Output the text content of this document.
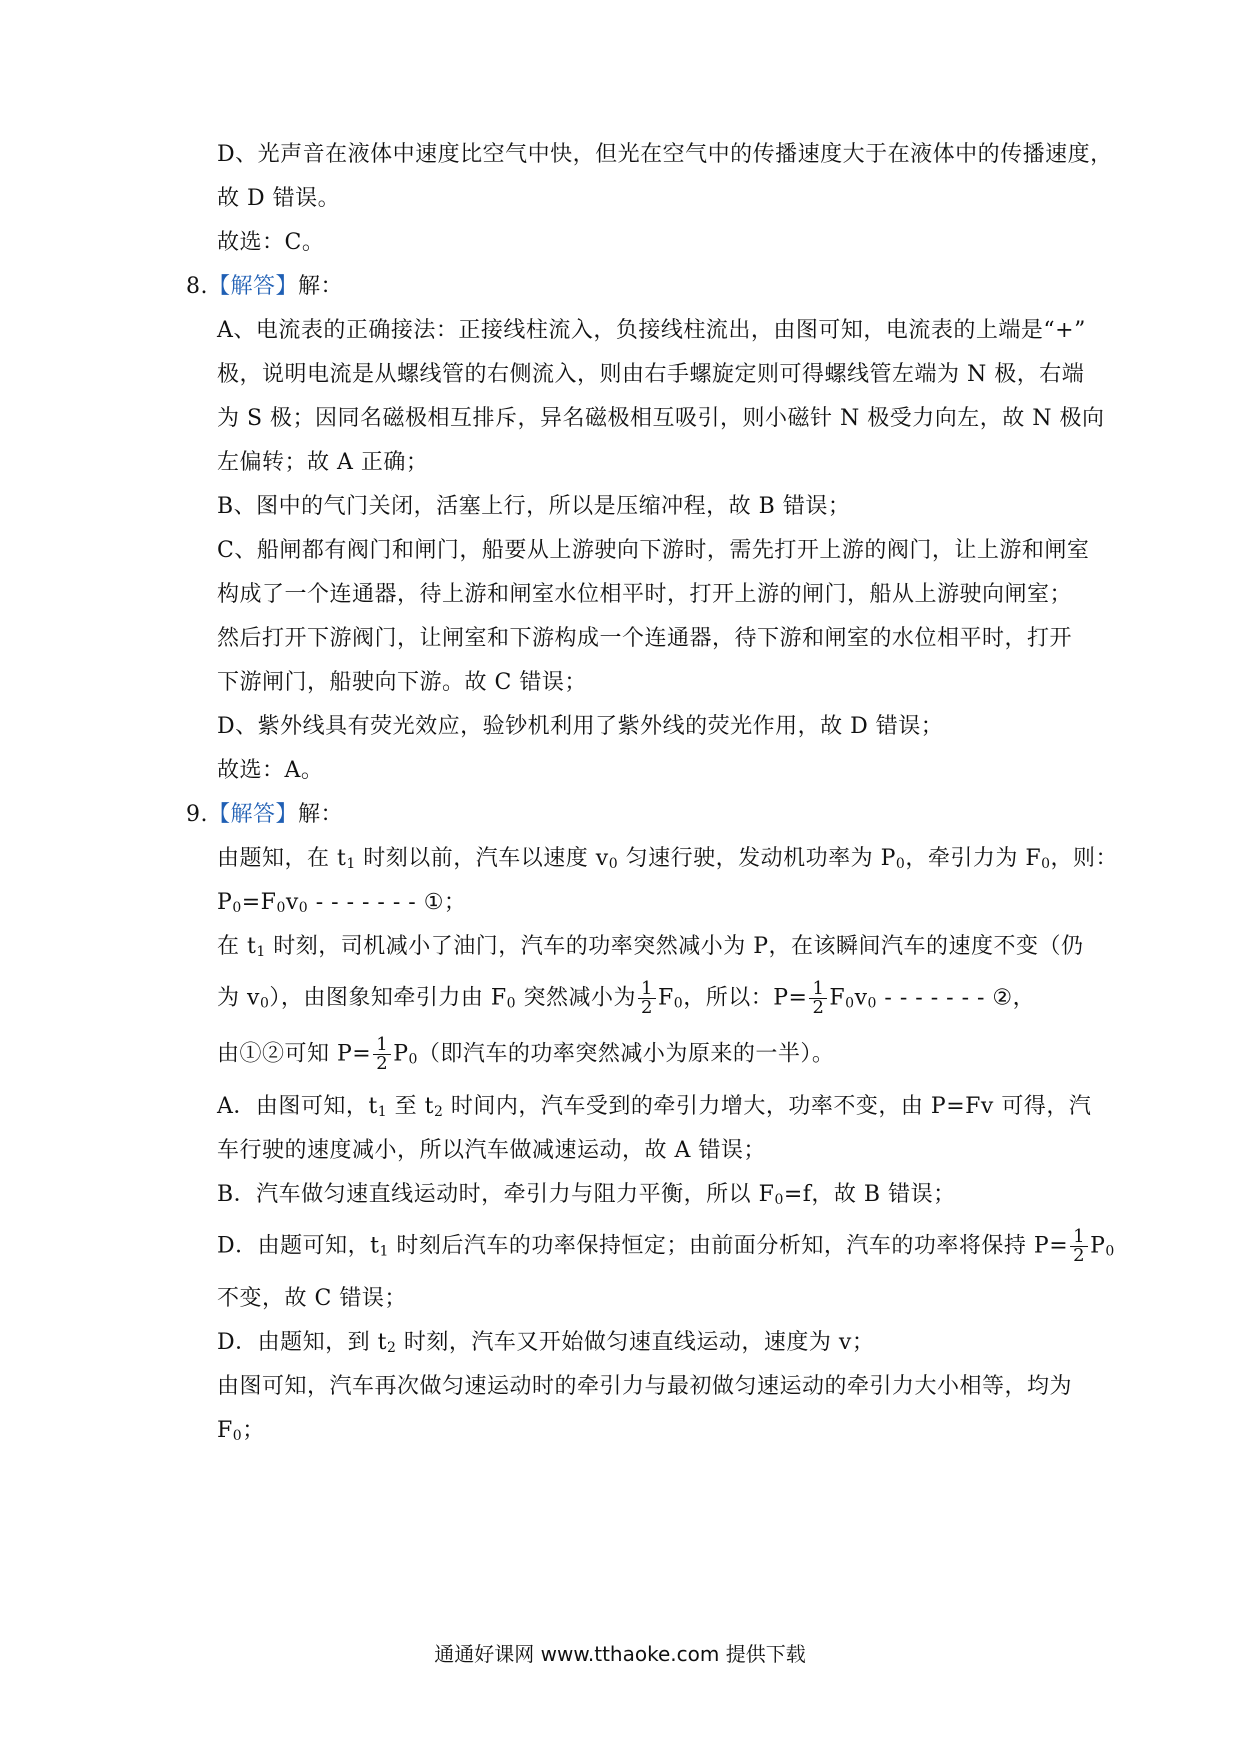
D、光声音在液体中速度比空气中快，但光在空气中的传播速度大于在液体中的传播速度，
故 D 错误。
故选：C。
8.【解答】解：
A、电流表的正确接法：正接线柱流入，负接线柱流出，由图可知，电流表的上端是“+”
极，说明电流是从螺线管的右侧流入，则由右手螺旋定则可得螺线管左端为 N 极，右端
为 S 极；因同名磁极相互排斥，异名磁极相互吸引，则小磁针 N 极受力向左，故 N 极向
左偏转；故 A 正确；
B、图中的气门关闭，活塞上行，所以是压缩冲程，故 B 错误；
C、船闸都有阀门和闸门，船要从上游驶向下游时，需先打开上游的阀门，让上游和闸室
构成了一个连通器，待上游和闸室水位相平时，打开上游的闸门，船从上游驶向闸室；
然后打开下游阀门，让闸室和下游构成一个连通器，待下游和闸室的水位相平时，打开
下游闸门，船驶向下游。故 C 错误；
D、紫外线具有荧光效应，验钞机利用了紫外线的荧光作用，故 D 错误；
故选：A。
9.【解答】解：
由题知，在 $t_1$ 时刻以前，汽车以速度 $v_0$ 匀速行驶，发动机功率为 $P_0$，牵引力为 $F_0$，则：
$P_0=F_0v_0$ - - - - - - - ①；
在 $t_1$ 时刻，司机减小了油门，汽车的功率突然减小为 P，在该瞬间汽车的速度不变（仍
为 $v_0$），由图象知牵引力由 $F_0$ 突然减小为 $\frac{1}{2} F_0$，所以：$P= \frac{1}{2} F_0v_0$ - - - - - - - ②，
由①②可知 $P= \frac{1}{2} P_0$（即汽车的功率突然减小为原来的一半）。
A．由图可知，$t_1$ 至 $t_2$ 时间内，汽车受到的牵引力增大，功率不变，由 P=Fv 可得，汽
车行驶的速度减小，所以汽车做减速运动，故 A 错误；
B．汽车做匀速直线运动时，牵引力与阻力平衡，所以 $F_0=f$，故 B 错误；
D．由题可知，$t_1$ 时刻后汽车的功率保持恒定；由前面分析知，汽车的功率将保持 $P= \frac{1}{2} P_0$
不变，故 C 错误；
D．由题知，到 $t_2$ 时刻，汽车又开始做匀速直线运动，速度为 v；
由图可知，汽车再次做匀速运动时的牵引力与最初做匀速运动的牵引力大小相等，均为
$F_0$；
通通好课网 www.tthaoke.com 提供下载
